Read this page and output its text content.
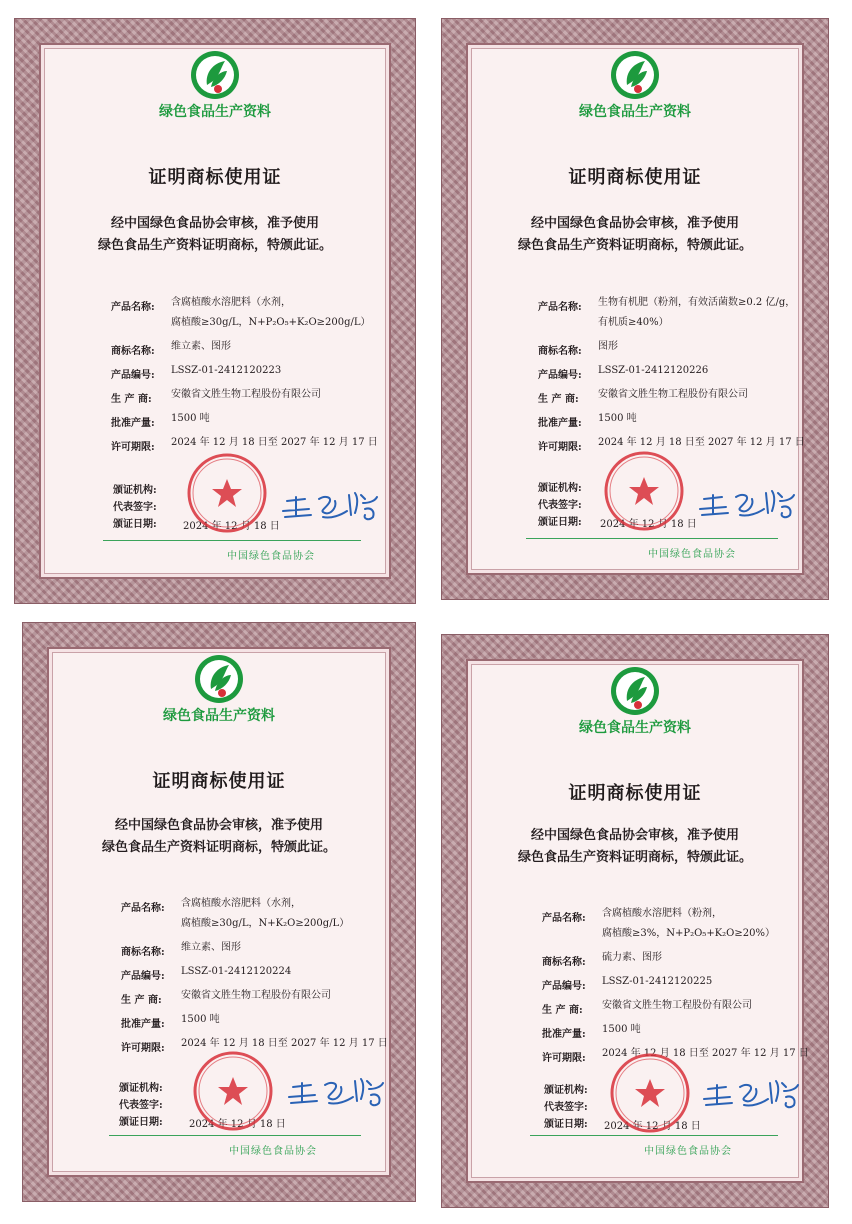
绿色食品生产资料
证明商标使用证
经中国绿色食品协会审核，准予使用
绿色食品生产资料证明商标，特颁此证。
产品名称:	含腐植酸水溶肥料（水剂，
腐植酸≥30g/L，N+P₂O₅+K₂O≥200g/L）
商标名称:	维立素、图形
产品编号:	LSSZ-01-2412120223
生 产 商:	安徽省文胜生物工程股份有限公司
批准产量:	1500 吨
许可期限:	2024 年 12 月 18 日至 2027 年 12 月 17 日
颁证机构:
代表签字:
颁证日期:	2024 年 12 月 18 日
中国绿色食品协会
绿色食品生产资料
证明商标使用证
经中国绿色食品协会审核，准予使用
绿色食品生产资料证明商标，特颁此证。
产品名称:	生物有机肥（粉剂，有效活菌数≥0.2 亿/g，
有机质≥40%）
商标名称:	图形
产品编号:	LSSZ-01-2412120226
生 产 商:	安徽省文胜生物工程股份有限公司
批准产量:	1500 吨
许可期限:	2024 年 12 月 18 日至 2027 年 12 月 17 日
颁证机构:
代表签字:
颁证日期: 2024 年 12 月 18 日
中国绿色食品协会
绿色食品生产资料
证明商标使用证
经中国绿色食品协会审核，准予使用
绿色食品生产资料证明商标，特颁此证。
产品名称:	含腐植酸水溶肥料（水剂，
腐植酸≥30g/L，N+K₂O≥200g/L）
商标名称:	维立素、图形
产品编号:	LSSZ-01-2412120224
生 产 商:	安徽省文胜生物工程股份有限公司
批准产量:	1500 吨
许可期限:	2024 年 12 月 18 日至 2027 年 12 月 17 日
颁证机构:
代表签字:
颁证日期:	2024 年 12 月 18 日
中国绿色食品协会
绿色食品生产资料
证明商标使用证
经中国绿色食品协会审核，准予使用
绿色食品生产资料证明商标，特颁此证。
产品名称:	含腐植酸水溶肥料（粉剂，
腐植酸≥3%，N+P₂O₅+K₂O≥20%）
商标名称:	硫力素、图形
产品编号:	LSSZ-01-2412120225
生 产 商:	安徽省文胜生物工程股份有限公司
批准产量:	1500 吨
许可期限:	2024 年 12 月 18 日至 2027 年 12 月 17 日
颁证机构:
代表签字:
颁证日期: 2024 年 12 月 18 日
中国绿色食品协会
